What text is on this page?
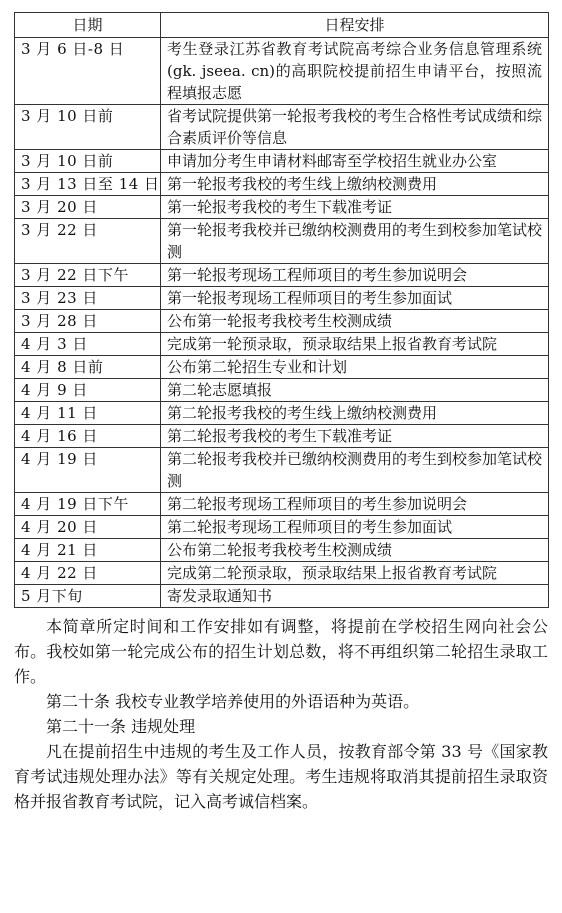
日期	日程安排
3 月 6 日-8 日	考生登录江苏省教育考试院高考综合业务信息管理系统(gk. jseea. cn)的高职院校提前招生申请平台，按照流程填报志愿
3 月 10 日前	省考试院提供第一轮报考我校的考生合格性考试成绩和综合素质评价等信息
3 月 10 日前	申请加分考生申请材料邮寄至学校招生就业办公室
3 月 13 日至 14 日	第一轮报考我校的考生线上缴纳校测费用
3 月 20 日	第一轮报考我校的考生下载准考证
3 月 22 日	第一轮报考我校并已缴纳校测费用的考生到校参加笔试校测
3 月 22 日下午	第一轮报考现场工程师项目的考生参加说明会
3 月 23 日	第一轮报考现场工程师项目的考生参加面试
3 月 28 日	公布第一轮报考我校考生校测成绩
4 月 3 日	完成第一轮预录取，预录取结果上报省教育考试院
4 月 8 日前	公布第二轮招生专业和计划
4 月 9 日	第二轮志愿填报
4 月 11 日	第二轮报考我校的考生线上缴纳校测费用
4 月 16 日	第二轮报考我校的考生下载准考证
4 月 19 日	第二轮报考我校并已缴纳校测费用的考生到校参加笔试校测
4 月 19 日下午	第二轮报考现场工程师项目的考生参加说明会
4 月 20 日	第二轮报考现场工程师项目的考生参加面试
4 月 21 日	公布第二轮报考我校考生校测成绩
4 月 22 日	完成第二轮预录取，预录取结果上报省教育考试院
5 月下旬	寄发录取通知书

本简章所定时间和工作安排如有调整，将提前在学校招生网向社会公布。我校如第一轮完成公布的招生计划总数，将不再组织第二轮招生录取工作。

第二十条 我校专业教学培养使用的外语语种为英语。

第二十一条 违规处理

凡在提前招生中违规的考生及工作人员，按教育部令第 33 号《国家教育考试违规处理办法》等有关规定处理。考生违规将取消其提前招生录取资格并报省教育考试院，记入高考诚信档案。
